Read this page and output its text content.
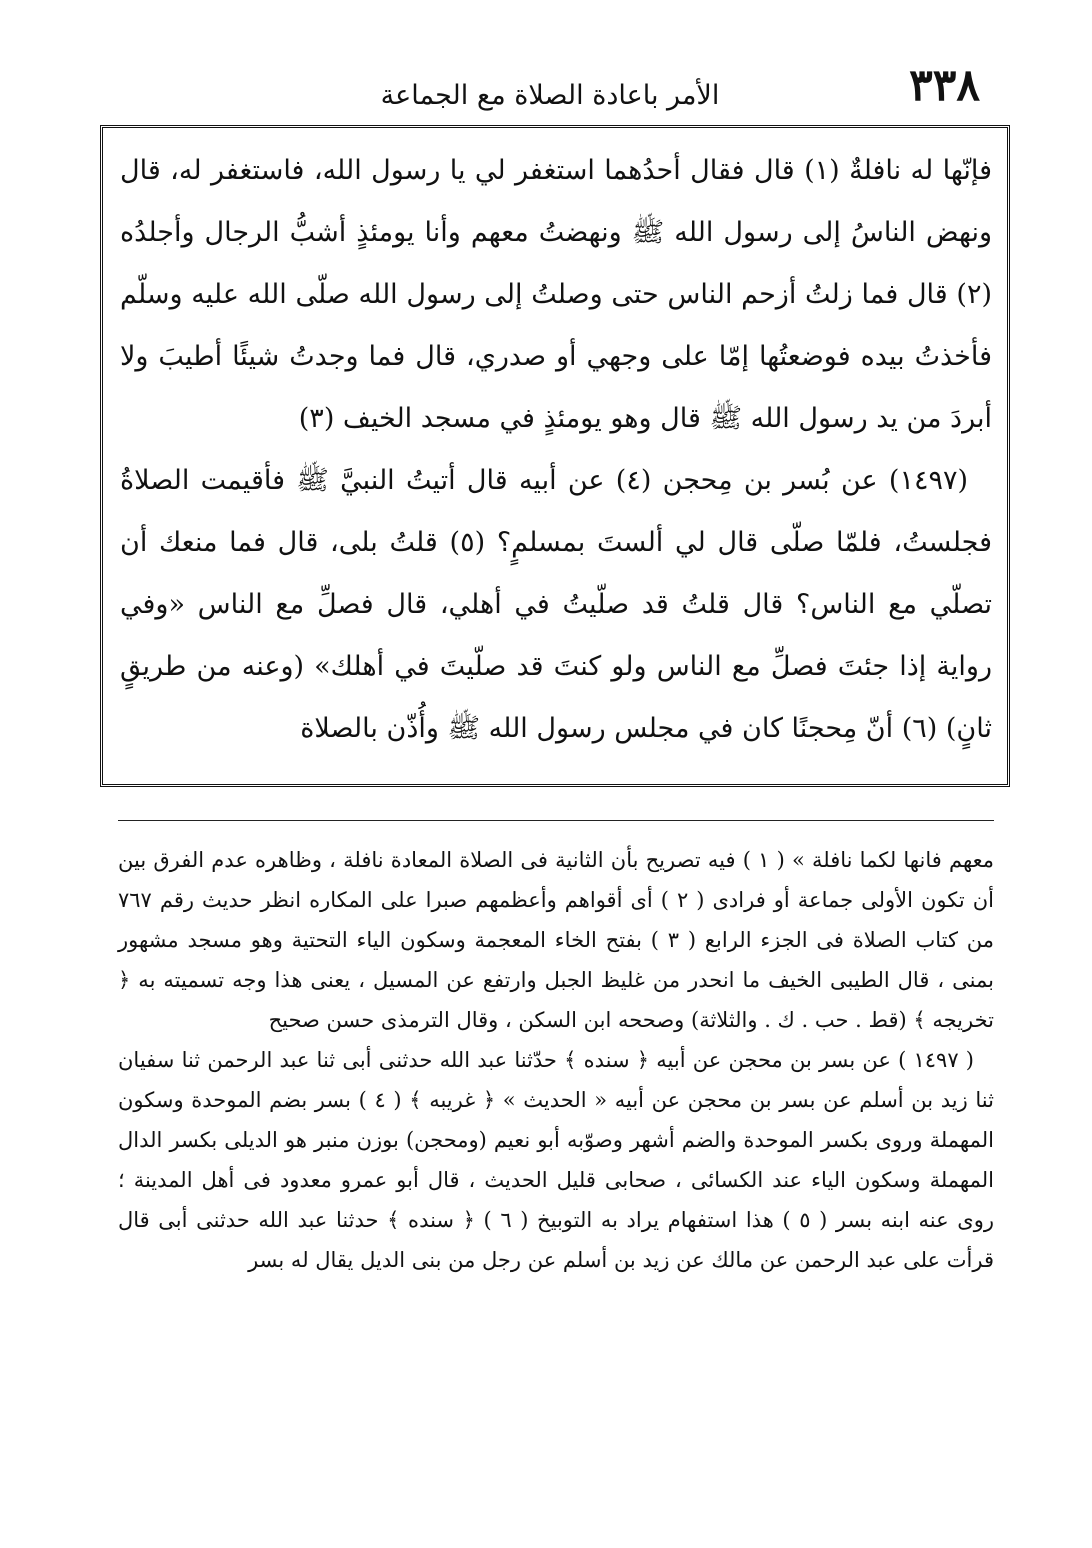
٣٣٨
الأمر باعادة الصلاة مع الجماعة

فإنّها له نافلةٌ (١) قال فقال أحدُهما استغفر لي يا رسول الله، فاستغفر له، قال ونهض الناسُ إلى رسول الله ﷺ ونهضتُ معهم وأنا يومئذٍ أشبُّ الرجال وأجلدُه (٢) قال فما زلتُ أزحم الناس حتى وصلتُ إلى رسول الله صلّى الله عليه وسلّم فأخذتُ بيده فوضعتُها إمّا على وجهي أو صدري، قال فما وجدتُ شيئًا أطيبَ ولا أبردَ من يد رسول الله ﷺ قال وهو يومئذٍ في مسجد الخيف (٣)

(١٤٩٧) عن بُسر بن مِحجن (٤) عن أبيه قال أتيتُ النبيَّ ﷺ فأقيمت الصلاةُ فجلستُ، فلمّا صلّى قال لي ألستَ بمسلمٍ؟ (٥) قلتُ بلى، قال فما منعك أن تصلّي مع الناس؟ قال قلتُ قد صلّيتُ في أهلي، قال فصلِّ مع الناس «وفي رواية إذا جئتَ فصلِّ مع الناس ولو كنتَ قد صلّيتَ في أهلك» (وعنه من طريقٍ ثانٍ) (٦) أنّ مِحجنًا كان في مجلس رسول الله ﷺ وأُذّن بالصلاة

معهم فانها لكما نافلة » ( ١ ) فيه تصريح بأن الثانية فى الصلاة المعادة نافلة ، وظاهره عدم الفرق بين أن تكون الأولى جماعة أو فرادى ( ٢ ) أى أقواهم وأعظمهم صبرا على المكاره انظر حديث رقم ٧٦٧ من كتاب الصلاة فى الجزء الرابع ( ٣ ) بفتح الخاء المعجمة وسكون الياء التحتية وهو مسجد مشهور بمنى ، قال الطيبى الخيف ما انحدر من غليظ الجبل وارتفع عن المسيل ، يعنى هذا وجه تسميته به ﴿ تخريجه ﴾ (قط . حب . ك . والثلاثة) وصححه ابن السكن ، وقال الترمذى حسن صحيح

( ١٤٩٧ ) عن بسر بن محجن عن أبيه ﴿ سنده ﴾ حدّثنا عبد الله حدثنى أبى ثنا عبد الرحمن ثنا سفيان ثنا زيد بن أسلم عن بسر بن محجن عن أبيه « الحديث » ﴿ غريبه ﴾ ( ٤ ) بسر بضم الموحدة وسكون المهملة وروى بكسر الموحدة والضم أشهر وصوّبه أبو نعيم (ومحجن) بوزن منبر هو الديلى بكسر الدال المهملة وسكون الياء عند الكسائى ، صحابى قليل الحديث ، قال أبو عمرو معدود فى أهل المدينة ؛ روى عنه ابنه بسر ( ٥ ) هذا استفهام يراد به التوبيخ ( ٦ ) ﴿ سنده ﴾ حدثنا عبد الله حدثنى أبى قال قرأت على عبد الرحمن عن مالك عن زيد بن أسلم عن رجل من بنى الديل يقال له بسر
